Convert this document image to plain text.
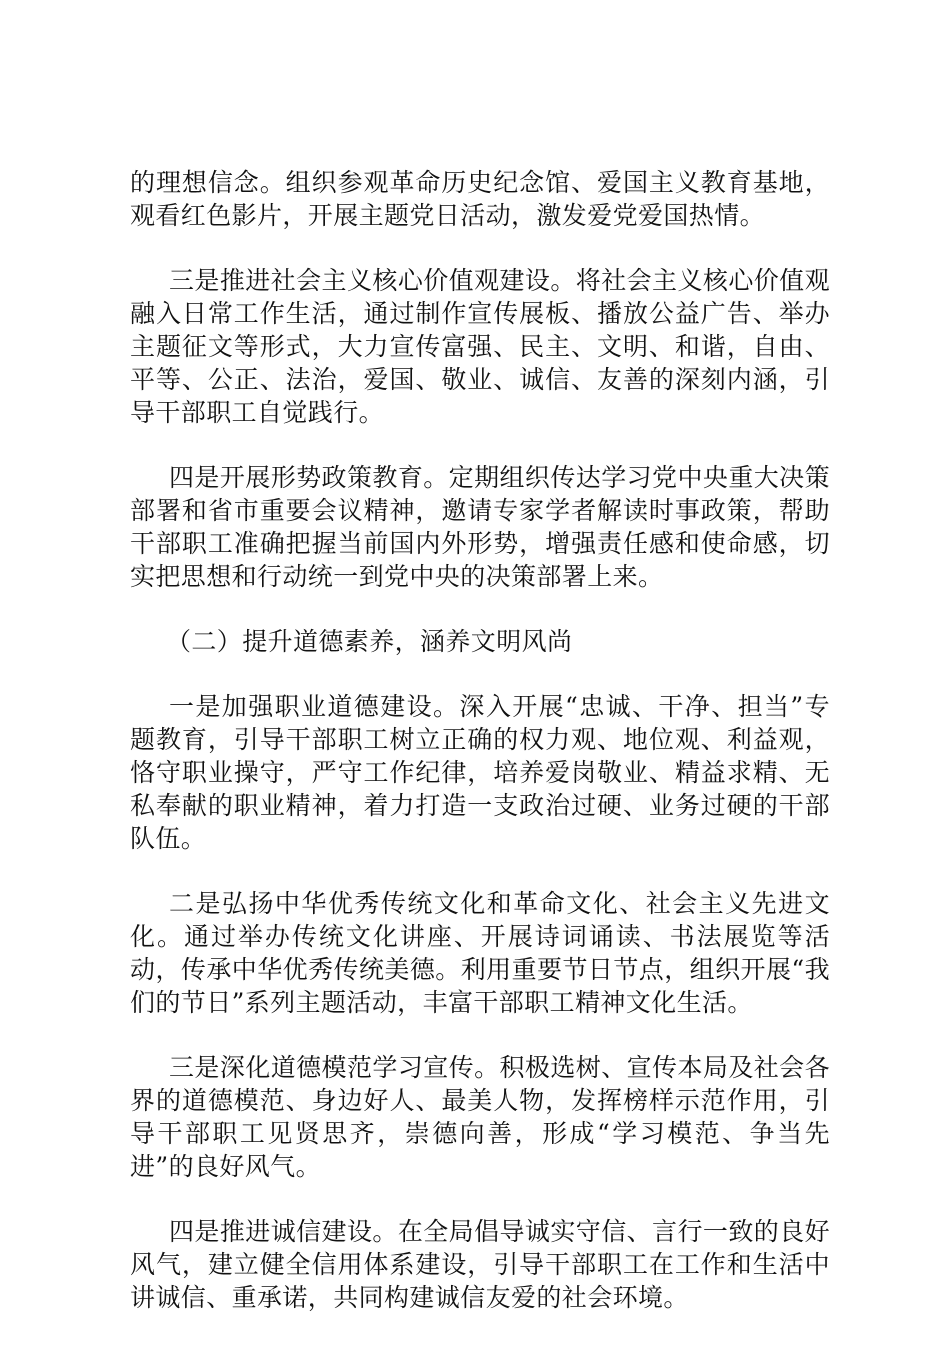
的理想信念。组织参观革命历史纪念馆、爱国主义教育基地，观看红色影片，开展主题党日活动，激发爱党爱国热情。

三是推进社会主义核心价值观建设。将社会主义核心价值观融入日常工作生活，通过制作宣传展板、播放公益广告、举办主题征文等形式，大力宣传富强、民主、文明、和谐，自由、平等、公正、法治，爱国、敬业、诚信、友善的深刻内涵，引导干部职工自觉践行。

四是开展形势政策教育。定期组织传达学习党中央重大决策部署和省市重要会议精神，邀请专家学者解读时事政策，帮助干部职工准确把握当前国内外形势，增强责任感和使命感，切实把思想和行动统一到党中央的决策部署上来。

（二）提升道德素养，涵养文明风尚

一是加强职业道德建设。深入开展“忠诚、干净、担当”专题教育，引导干部职工树立正确的权力观、地位观、利益观，恪守职业操守，严守工作纪律，培养爱岗敬业、精益求精、无私奉献的职业精神，着力打造一支政治过硬、业务过硬的干部队伍。

二是弘扬中华优秀传统文化和革命文化、社会主义先进文化。通过举办传统文化讲座、开展诗词诵读、书法展览等活动，传承中华优秀传统美德。利用重要节日节点，组织开展“我们的节日”系列主题活动，丰富干部职工精神文化生活。

三是深化道德模范学习宣传。积极选树、宣传本局及社会各界的道德模范、身边好人、最美人物，发挥榜样示范作用，引导干部职工见贤思齐，崇德向善，形成“学习模范、争当先进”的良好风气。

四是推进诚信建设。在全局倡导诚实守信、言行一致的良好风气，建立健全信用体系建设，引导干部职工在工作和生活中讲诚信、重承诺，共同构建诚信友爱的社会环境。
